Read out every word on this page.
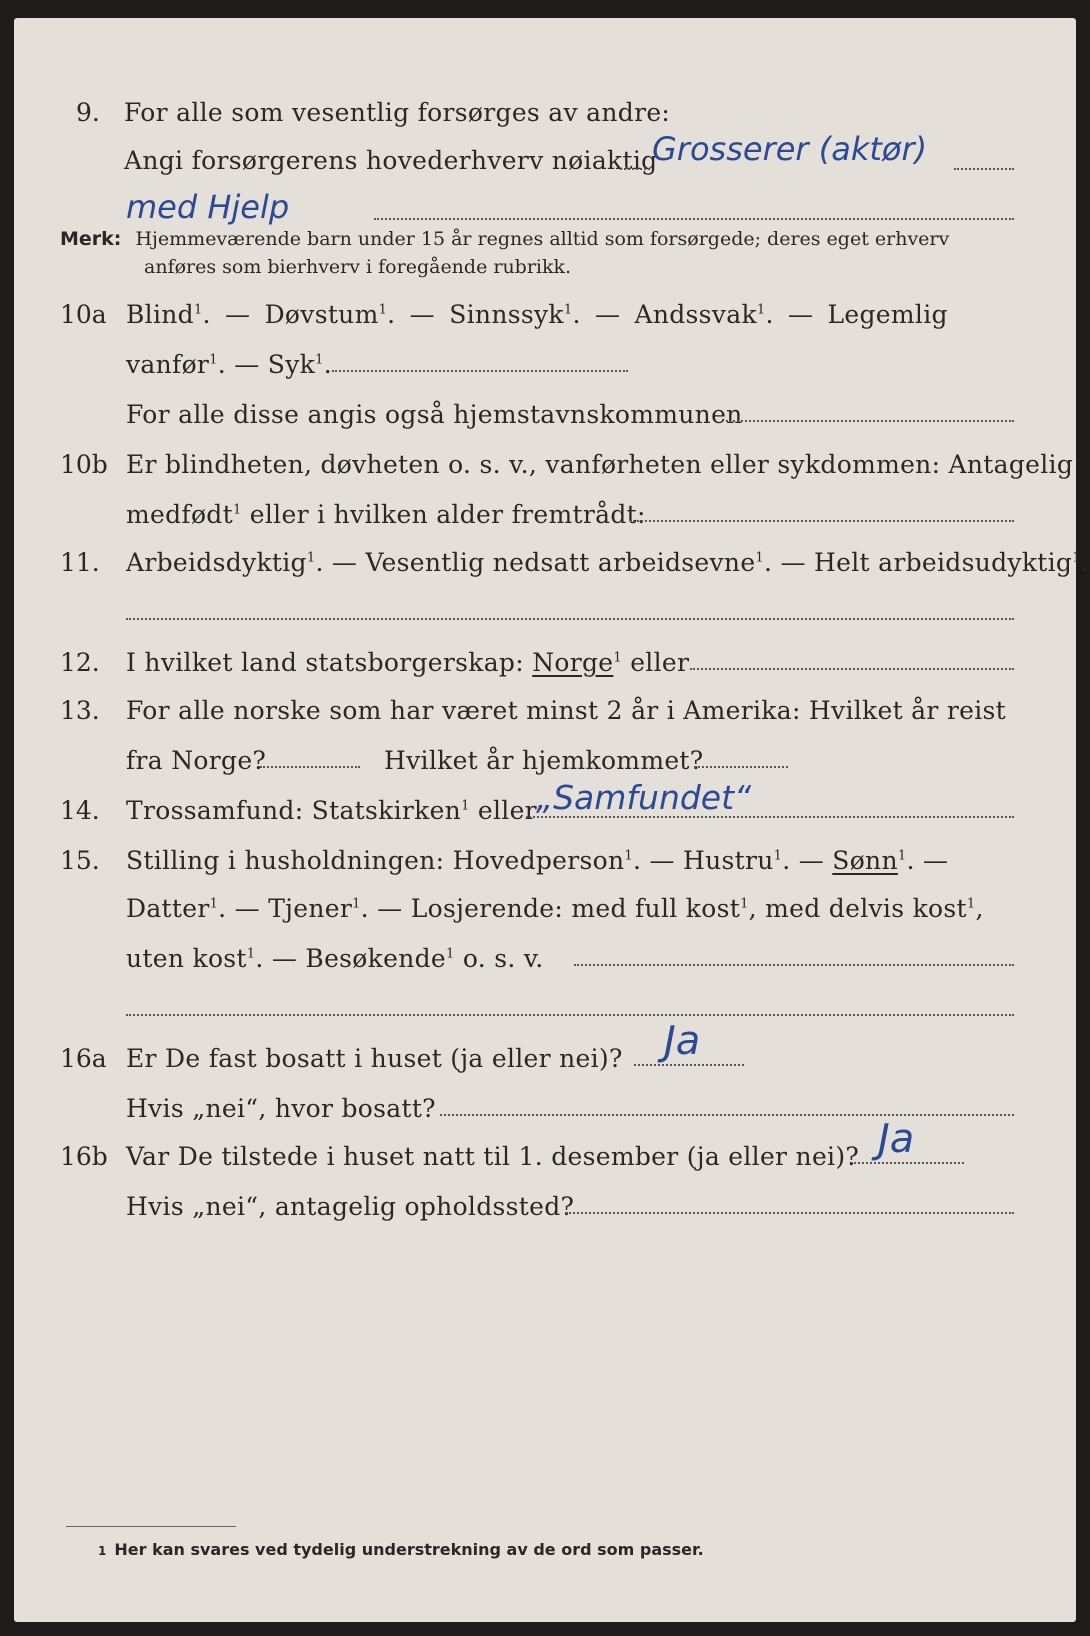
9. For alle som vesentlig forsørges av andre:
Angi forsørgerens hovederhverv nøiaktig
Grosserer (aktør)
med Hjelp
Merk: Hjemmeværende barn under 15 år regnes alltid som forsørgede; deres eget erhverv
anføres som bierhverv i foregående rubrikk.
10a Blind$^1$. — Døvstum$^1$. — Sinnssyk$^1$. — Andssvak$^1$. — Legemlig
vanfør$^1$. — Syk$^1$.
For alle disse angis også hjemstavnskommunen
10b Er blindheten, døvheten o. s. v., vanførheten eller sykdommen: Antagelig
medfødt$^1$ eller i hvilken alder fremtrådt:
11. Arbeidsdyktig$^1$. — Vesentlig nedsatt arbeidsevne$^1$. — Helt arbeidsudyktig$^1$.
12. I hvilket land statsborgerskap: Norge$^1$ eller
13. For alle norske som har været minst 2 år i Amerika: Hvilket år reist
fra Norge?	Hvilket år hjemkommet?
14. Trossamfund: Statskirken$^1$ eller „Samfundet“
15. Stilling i husholdningen: Hovedperson$^1$. — Hustru$^1$. — Sønn$^1$. —
Datter$^1$. — Tjener$^1$. — Losjerende: med full kost$^1$, med delvis kost$^1$,
uten kost$^1$. — Besøkende$^1$ o. s. v.
16a Er De fast bosatt i huset (ja eller nei)? Ja
Hvis „nei“, hvor bosatt?
16b Var De tilstede i huset natt til 1. desember (ja eller nei)? Ja
Hvis „nei“, antagelig opholdssted?
1 Her kan svares ved tydelig understrekning av de ord som passer.
